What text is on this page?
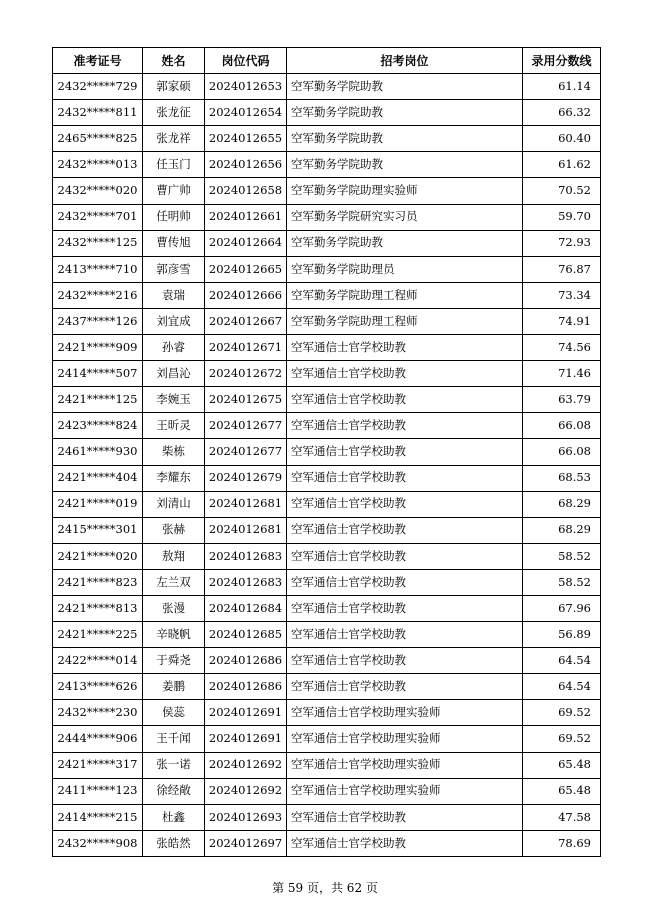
准考证号	姓名	岗位代码	招考岗位	录用分数线
2432*****729	郭家硕	2024012653	空军勤务学院助教	61.14
2432*****811	张龙征	2024012654	空军勤务学院助教	66.32
2465*****825	张龙祥	2024012655	空军勤务学院助教	60.40
2432*****013	任玉门	2024012656	空军勤务学院助教	61.62
2432*****020	曹广帅	2024012658	空军勤务学院助理实验师	70.52
2432*****701	任明帅	2024012661	空军勤务学院研究实习员	59.70
2432*****125	曹传旭	2024012664	空军勤务学院助教	72.93
2413*****710	郭彦雪	2024012665	空军勤务学院助理员	76.87
2432*****216	袁瑞	2024012666	空军勤务学院助理工程师	73.34
2437*****126	刘宜成	2024012667	空军勤务学院助理工程师	74.91
2421*****909	孙睿	2024012671	空军通信士官学校助教	74.56
2414*****507	刘昌沁	2024012672	空军通信士官学校助教	71.46
2421*****125	李婉玉	2024012675	空军通信士官学校助教	63.79
2423*****824	王昕灵	2024012677	空军通信士官学校助教	66.08
2461*****930	柴栋	2024012677	空军通信士官学校助教	66.08
2421*****404	李耀东	2024012679	空军通信士官学校助教	68.53
2421*****019	刘清山	2024012681	空军通信士官学校助教	68.29
2415*****301	张赫	2024012681	空军通信士官学校助教	68.29
2421*****020	敖翔	2024012683	空军通信士官学校助教	58.52
2421*****823	左兰双	2024012683	空军通信士官学校助教	58.52
2421*****813	张漫	2024012684	空军通信士官学校助教	67.96
2421*****225	辛晓帆	2024012685	空军通信士官学校助教	56.89
2422*****014	于舜尧	2024012686	空军通信士官学校助教	64.54
2413*****626	姜鹏	2024012686	空军通信士官学校助教	64.54
2432*****230	侯蕊	2024012691	空军通信士官学校助理实验师	69.52
2444*****906	王千闻	2024012691	空军通信士官学校助理实验师	69.52
2421*****317	张一诺	2024012692	空军通信士官学校助理实验师	65.48
2411*****123	徐经敞	2024012692	空军通信士官学校助理实验师	65.48
2414*****215	杜鑫	2024012693	空军通信士官学校助教	47.58
2432*****908	张皓然	2024012697	空军通信士官学校助教	78.69
第 59 页，共 62 页
